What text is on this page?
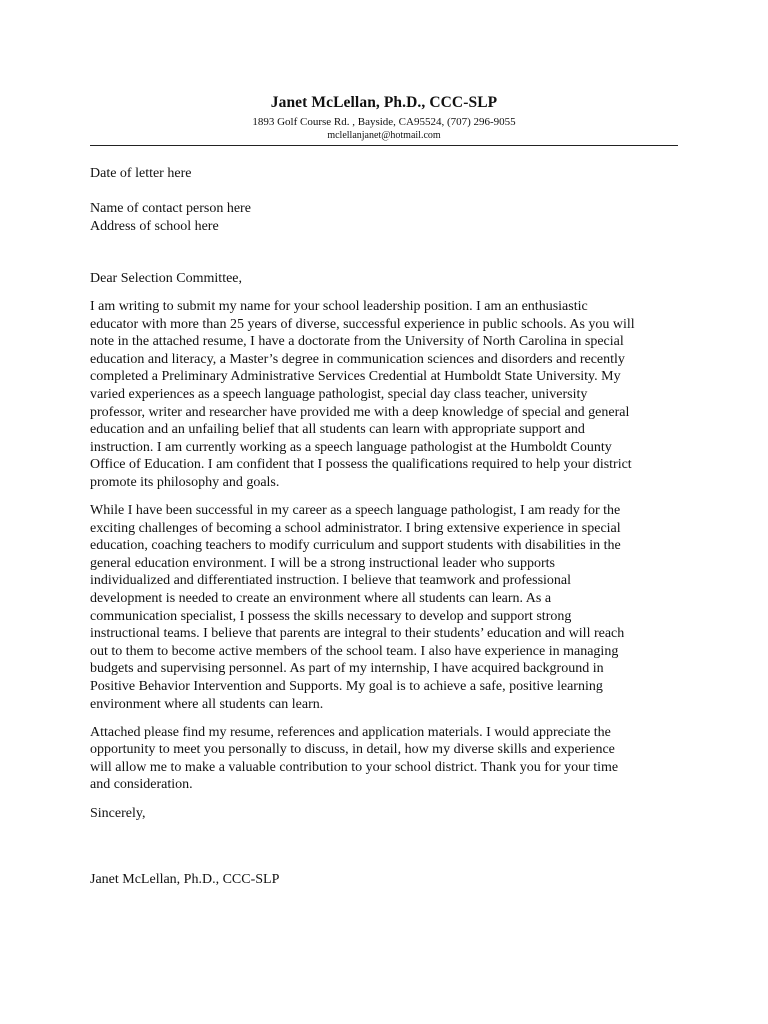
Janet McLellan, Ph.D., CCC-SLP
1893 Golf Course Rd. , Bayside, CA95524, (707) 296-9055
mclellanjanet@hotmail.com

Date of letter here

Name of contact person here

Address of school here

Dear Selection Committee,

I am writing to submit my name for your school leadership position. I am an enthusiastic
educator with more than 25 years of diverse, successful experience in public schools. As you will
note in the attached resume, I have a doctorate from the University of North Carolina in special
education and literacy, a Master’s degree in communication sciences and disorders and recently
completed a Preliminary Administrative Services Credential at Humboldt State University. My
varied experiences as a speech language pathologist, special day class teacher, university
professor, writer and researcher have provided me with a deep knowledge of special and general
education and an unfailing belief that all students can learn with appropriate support and
instruction. I am currently working as a speech language pathologist at the Humboldt County
Office of Education. I am confident that I possess the qualifications required to help your district
promote its philosophy and goals.

While I have been successful in my career as a speech language pathologist, I am ready for the
exciting challenges of becoming a school administrator. I bring extensive experience in special
education, coaching teachers to modify curriculum and support students with disabilities in the
general education environment. I will be a strong instructional leader who supports
individualized and differentiated instruction. I believe that teamwork and professional
development is needed to create an environment where all students can learn. As a
communication specialist, I possess the skills necessary to develop and support strong
instructional teams. I believe that parents are integral to their students’ education and will reach
out to them to become active members of the school team. I also have experience in managing
budgets and supervising personnel. As part of my internship, I have acquired background in
Positive Behavior Intervention and Supports. My goal is to achieve a safe, positive learning
environment where all students can learn.

Attached please find my resume, references and application materials. I would appreciate the
opportunity to meet you personally to discuss, in detail, how my diverse skills and experience
will allow me to make a valuable contribution to your school district. Thank you for your time
and consideration.

Sincerely,

Janet McLellan, Ph.D., CCC-SLP
